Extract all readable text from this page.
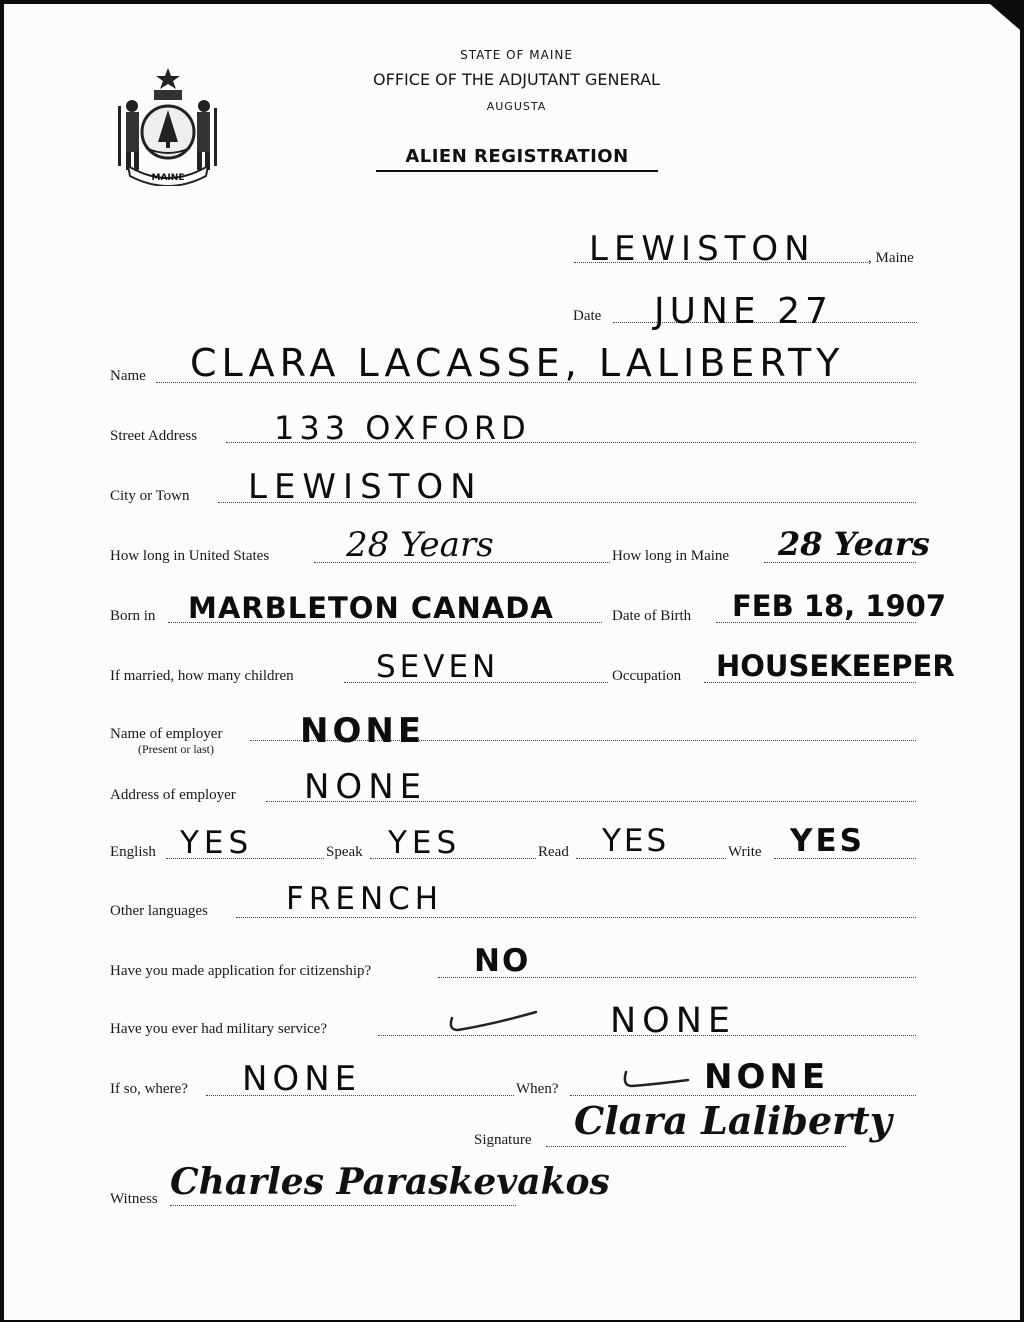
MAINE
STATE OF MAINE
OFFICE OF THE ADJUTANT GENERAL
AUGUSTA
ALIEN REGISTRATION
LEWISTON	, Maine
Date JUNE 27
Name CLARA LACASSE, LALIBERTY
Street Address 133 OXFORD
City or Town LEWISTON
How long in United States 28 Years	How long in Maine 28 Years
Born in MARBLETON CANADA	Date of Birth FEB 18, 1907
If married, how many children	SEVEN	Occupation HOUSEKEEPER
Name of employer
(Present or last)	NONE
Address of employer NONE
English YES	Speak YES	Read YES	Write YES
Other languages	FRENCH
Have you made application for citizenship?	NO
Have you ever had military service?	NONE
If so, where? NONE	When?	NONE
Signature Clara Laliberty
Witness Charles Paraskevakos
